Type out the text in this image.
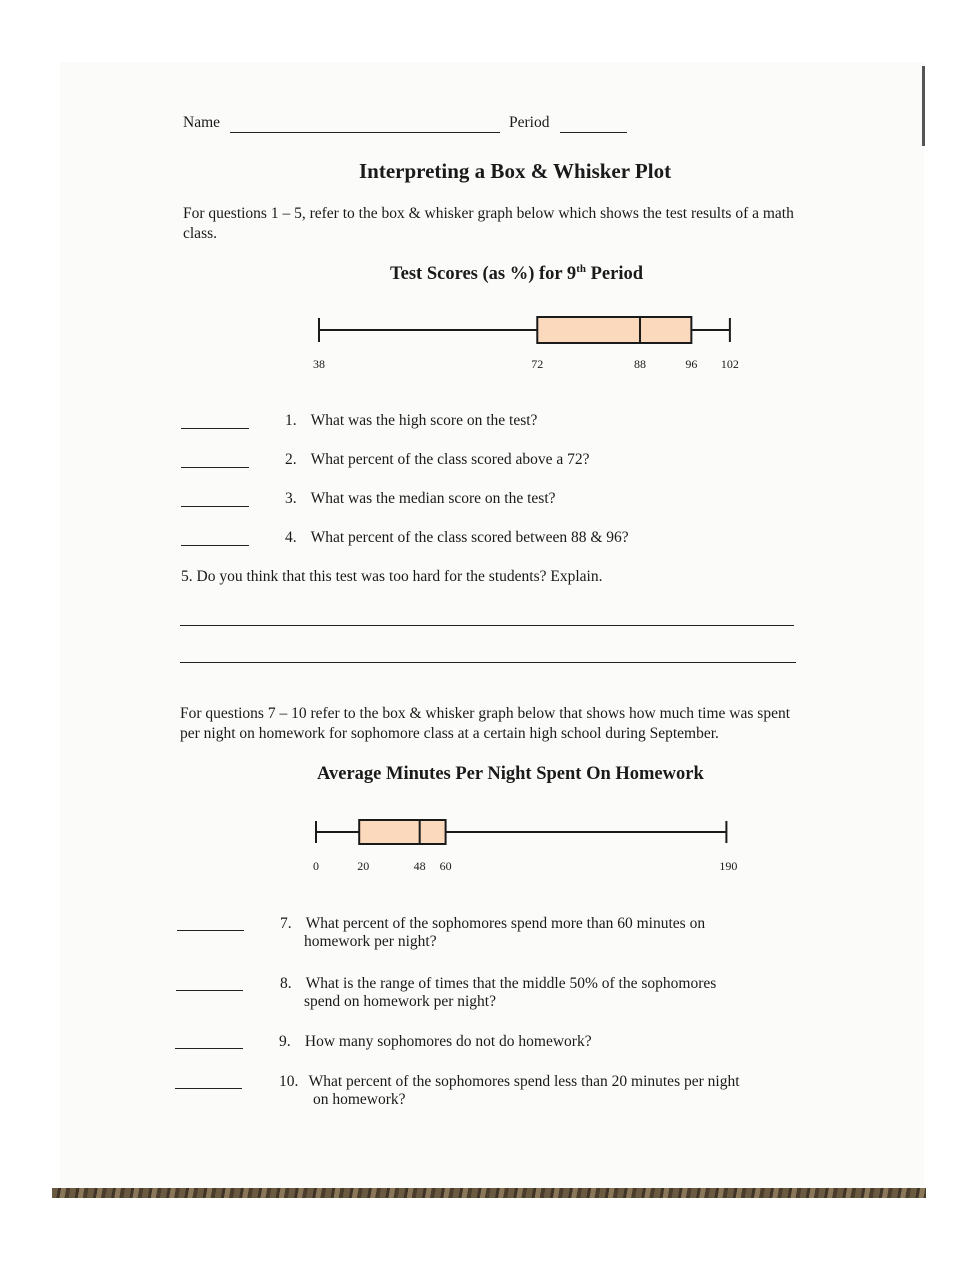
Name	Period
Interpreting a Box & Whisker Plot
For questions 1 – 5, refer to the box & whisker graph below which shows the test results of a math
class.
Test Scores (as %) for 9th Period
38	72	88	96 102
1. What was the high score on the test?
2. What percent of the class scored above a 72?
3. What was the median score on the test?
4. What percent of the class scored between 88 & 96?
5. Do you think that this test was too hard for the students? Explain.
For questions 7 – 10 refer to the box & whisker graph below that shows how much time was spent
per night on homework for sophomore class at a certain high school during September.
Average Minutes Per Night Spent On Homework
0	20	48 60	190
7. What percent of the sophomores spend more than 60 minutes on
homework per night?
8. What is the range of times that the middle 50% of the sophomores
spend on homework per night?
9. How many sophomores do not do homework?
10. What percent of the sophomores spend less than 20 minutes per night
on homework?
